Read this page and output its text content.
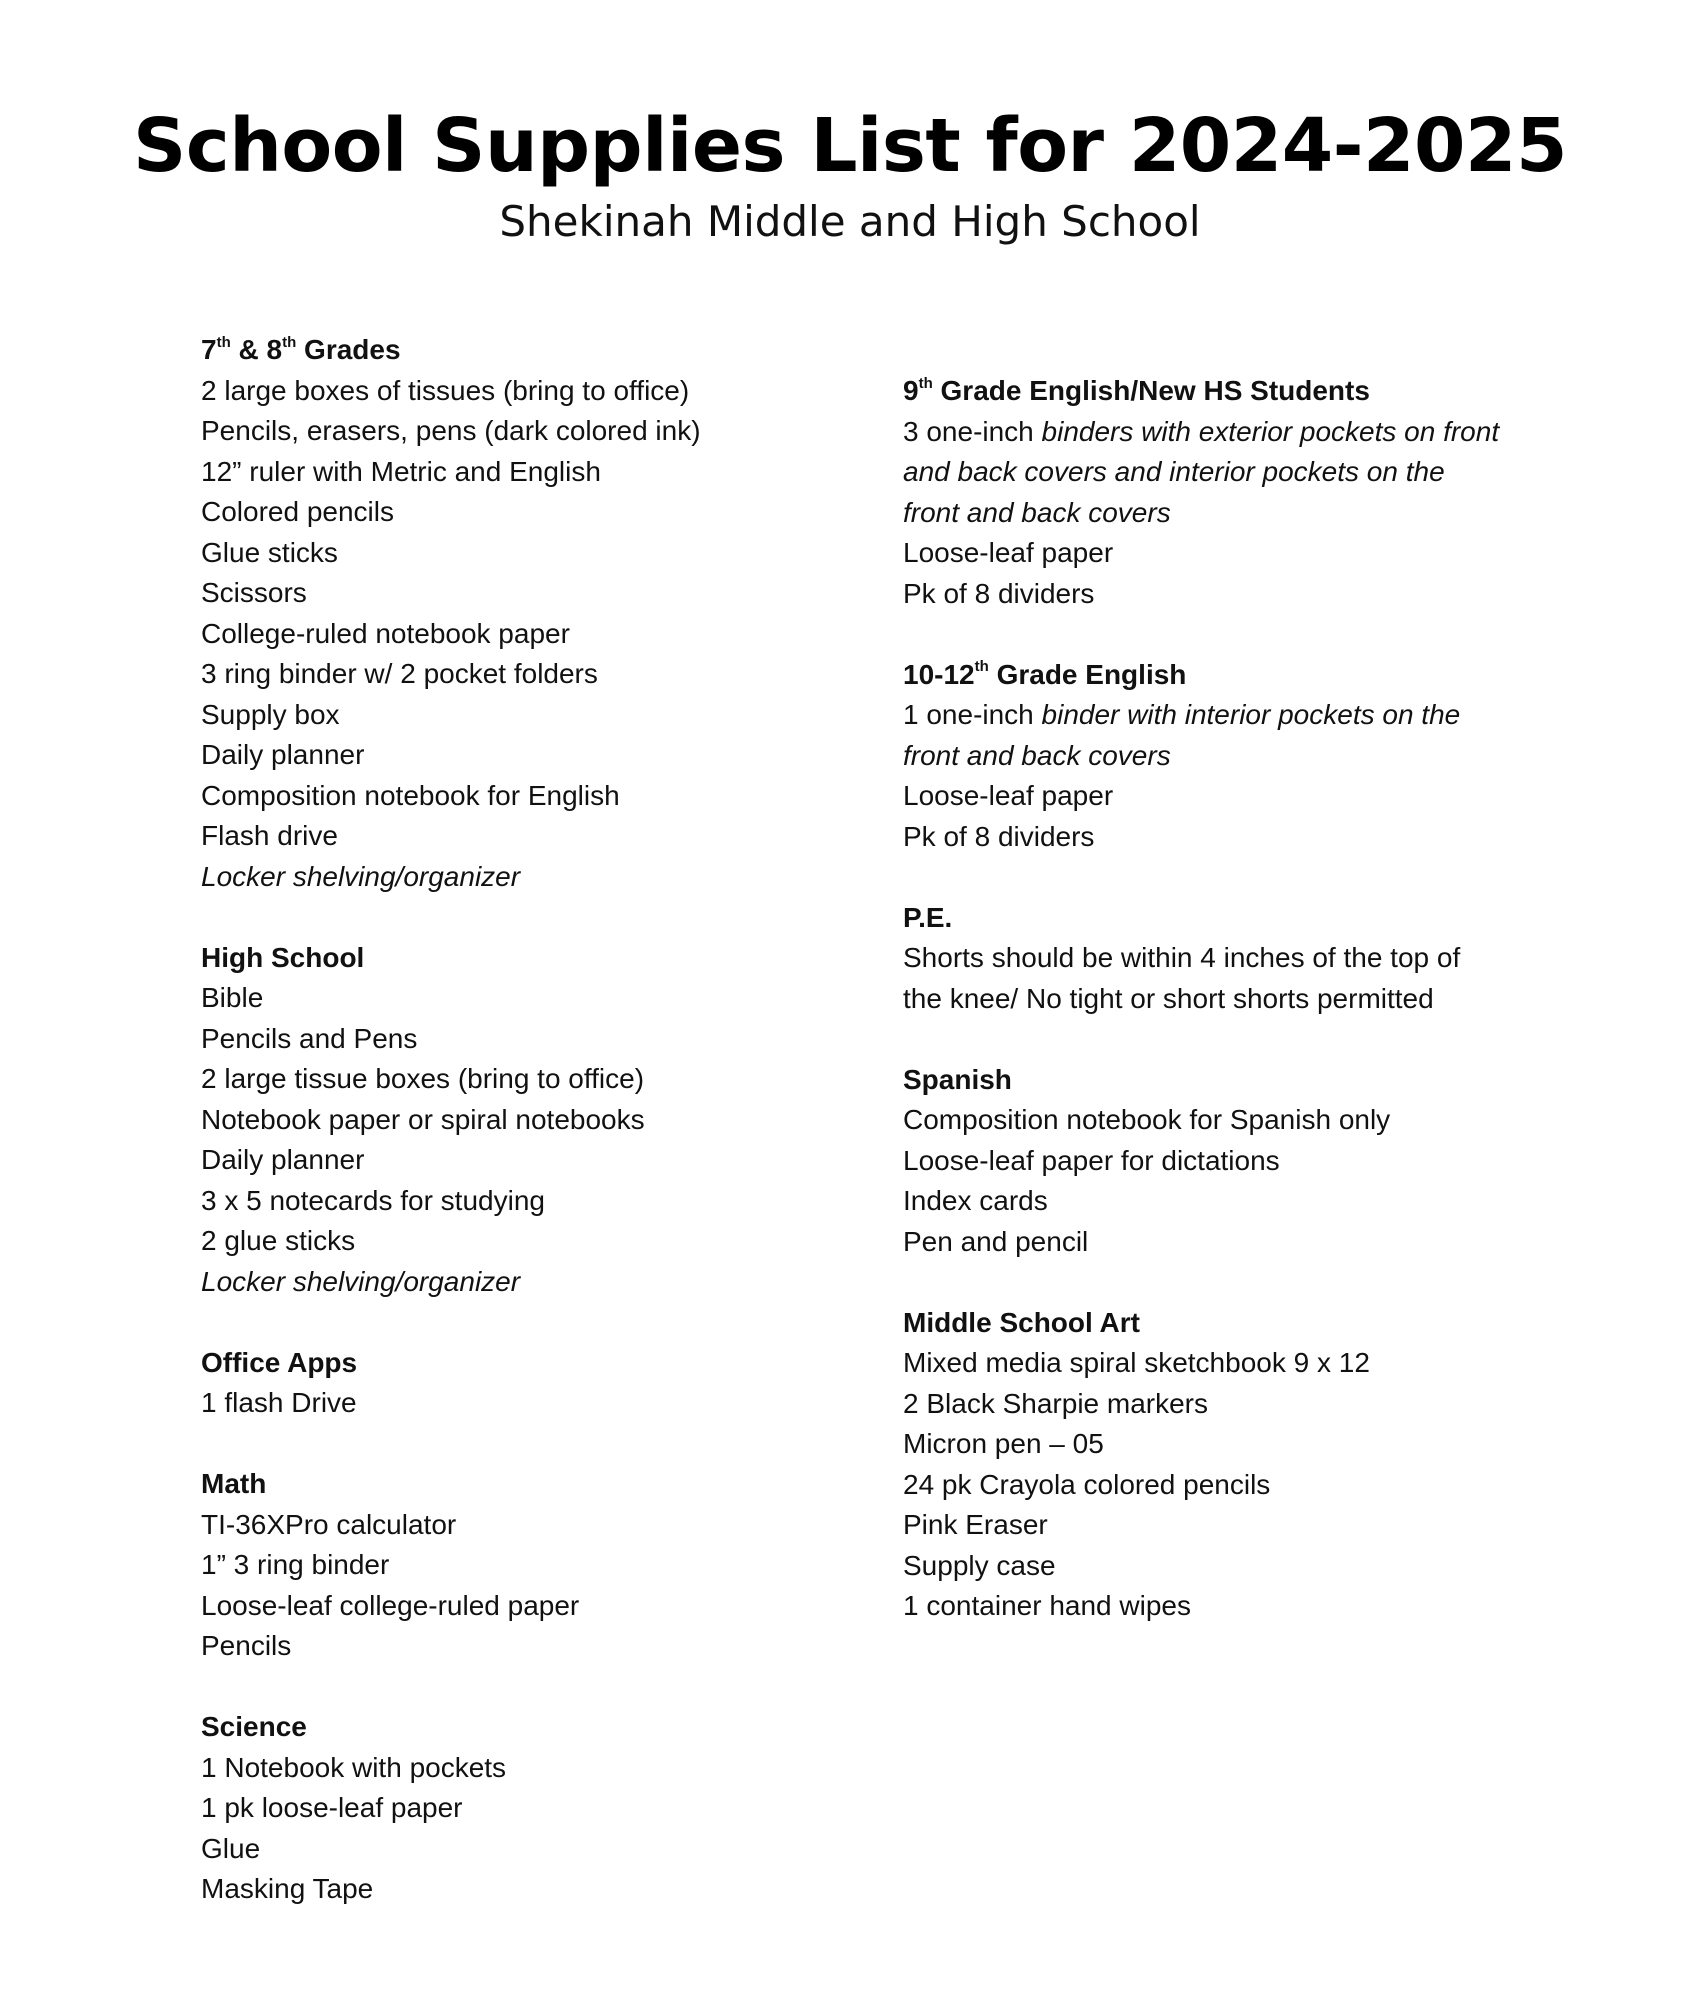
School Supplies List for 2024-2025

Shekinah Middle and High School

7th & 8th Grades
2 large boxes of tissues (bring to office)
Pencils, erasers, pens (dark colored ink)
12” ruler with Metric and English
Colored pencils
Glue sticks
Scissors
College-ruled notebook paper
3 ring binder w/ 2 pocket folders
Supply box
Daily planner
Composition notebook for English
Flash drive
Locker shelving/organizer
High School
Bible
Pencils and Pens
2 large tissue boxes (bring to office)
Notebook paper or spiral notebooks
Daily planner
3 x 5 notecards for studying
2 glue sticks
Locker shelving/organizer
Office Apps
1 flash Drive
Math
TI-36XPro calculator
1” 3 ring binder
Loose-leaf college-ruled paper
Pencils
Science
1 Notebook with pockets
1 pk loose-leaf paper
Glue
Masking Tape
9th Grade English/New HS Students
3 one-inch binders with exterior pockets on front and back covers and interior pockets on the front and back covers
Loose-leaf paper
Pk of 8 dividers
10-12th Grade English
1 one-inch binder with interior pockets on the front and back covers
Loose-leaf paper
Pk of 8 dividers
P.E.
Shorts should be within 4 inches of the top of the knee/ No tight or short shorts permitted
Spanish
Composition notebook for Spanish only
Loose-leaf paper for dictations
Index cards
Pen and pencil
Middle School Art
Mixed media spiral sketchbook 9 x 12
2 Black Sharpie markers
Micron pen – 05
24 pk Crayola colored pencils
Pink Eraser
Supply case
1 container hand wipes
